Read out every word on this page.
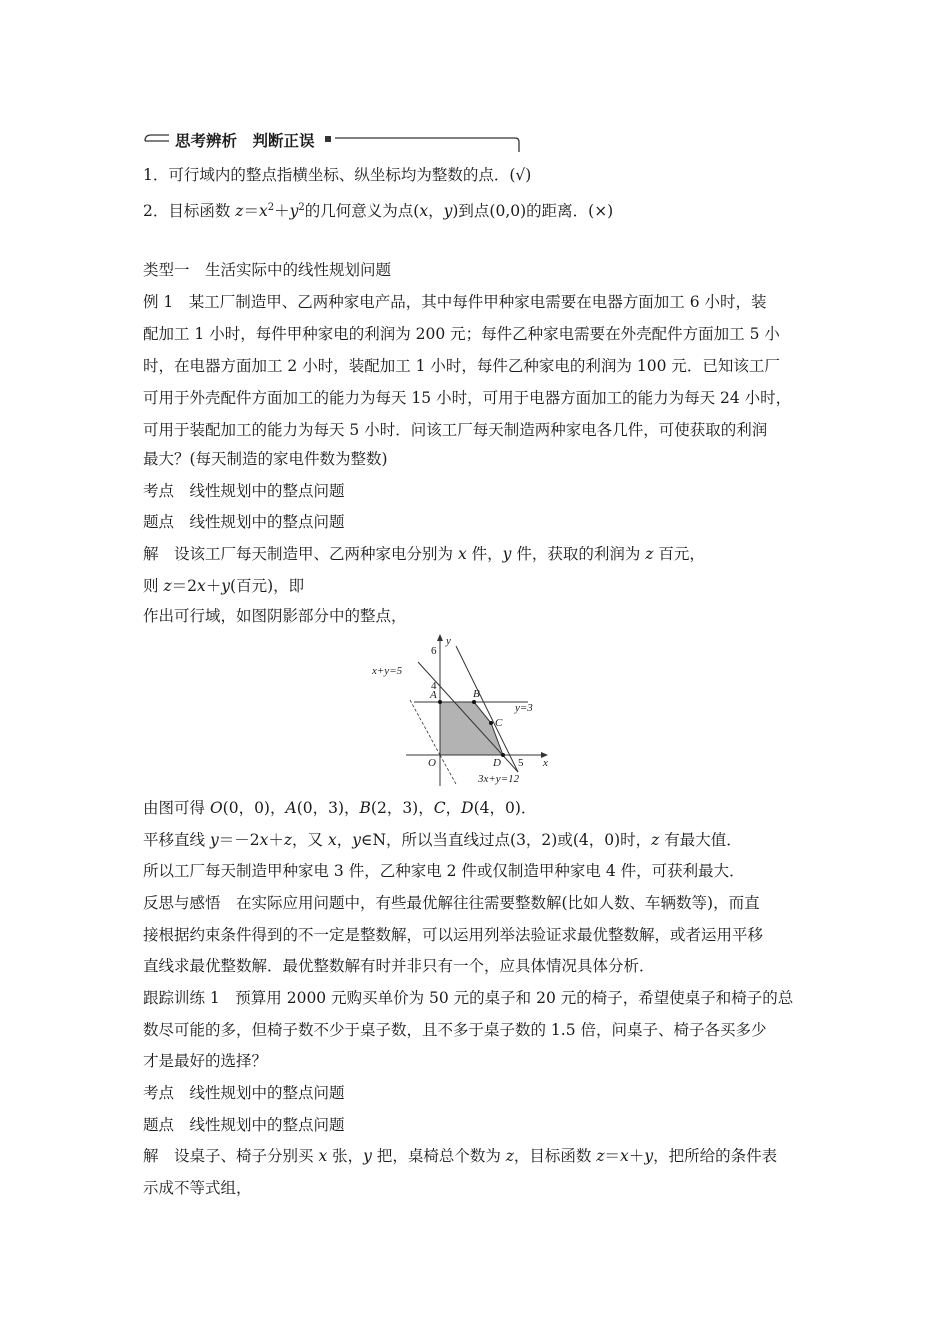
思考辨析　判断正误
1．可行域内的整点指横坐标、纵坐标均为整数的点．(√)
2．目标函数 $z=x^2+y^2$的几何意义为点(x，y)到点(0,0)的距离．(×)
类型一　生活实际中的线性规划问题
例 1　某工厂制造甲、乙两种家电产品，其中每件甲种家电需要在电器方面加工 6 小时，装
配加工 1 小时，每件甲种家电的利润为 200 元；每件乙种家电需要在外壳配件方面加工 5 小
时，在电器方面加工 2 小时，装配加工 1 小时，每件乙种家电的利润为 100 元．已知该工厂
可用于外壳配件方面加工的能力为每天 15 小时，可用于电器方面加工的能力为每天 24 小时，
可用于装配加工的能力为每天 5 小时．问该工厂每天制造两种家电各几件，可使获取的利润
最大？(每天制造的家电件数为整数)
考点　线性规划中的整点问题
题点　线性规划中的整点问题
解　设该工厂每天制造甲、乙两种家电分别为 x 件，y 件，获取的利润为 z 百元，
则 z＝2x＋y(百元)，即
作出可行域，如图阴影部分中的整点，
y
x
O
6
4
5
x+y=5
y=3
3x+y=12
A	B
C
D
由图可得 O(0，0)，A(0，3)，B(2，3)，C，D(4，0)．
平移直线 y＝－2x＋z，又 x，y∈N，所以当直线过点(3，2)或(4，0)时，z 有最大值．
所以工厂每天制造甲种家电 3 件，乙种家电 2 件或仅制造甲种家电 4 件，可获利最大．
反思与感悟　在实际应用问题中，有些最优解往往需要整数解(比如人数、车辆数等)，而直
接根据约束条件得到的不一定是整数解，可以运用列举法验证求最优整数解，或者运用平移
直线求最优整数解．最优整数解有时并非只有一个，应具体情况具体分析．
跟踪训练 1　预算用 2000 元购买单价为 50 元的桌子和 20 元的椅子，希望使桌子和椅子的总
数尽可能的多，但椅子数不少于桌子数，且不多于桌子数的 1.5 倍，问桌子、椅子各买多少
才是最好的选择？
考点　线性规划中的整点问题
题点　线性规划中的整点问题
解　设桌子、椅子分别买 x 张，y 把，桌椅总个数为 z，目标函数 z＝x＋y，把所给的条件表
示成不等式组，
